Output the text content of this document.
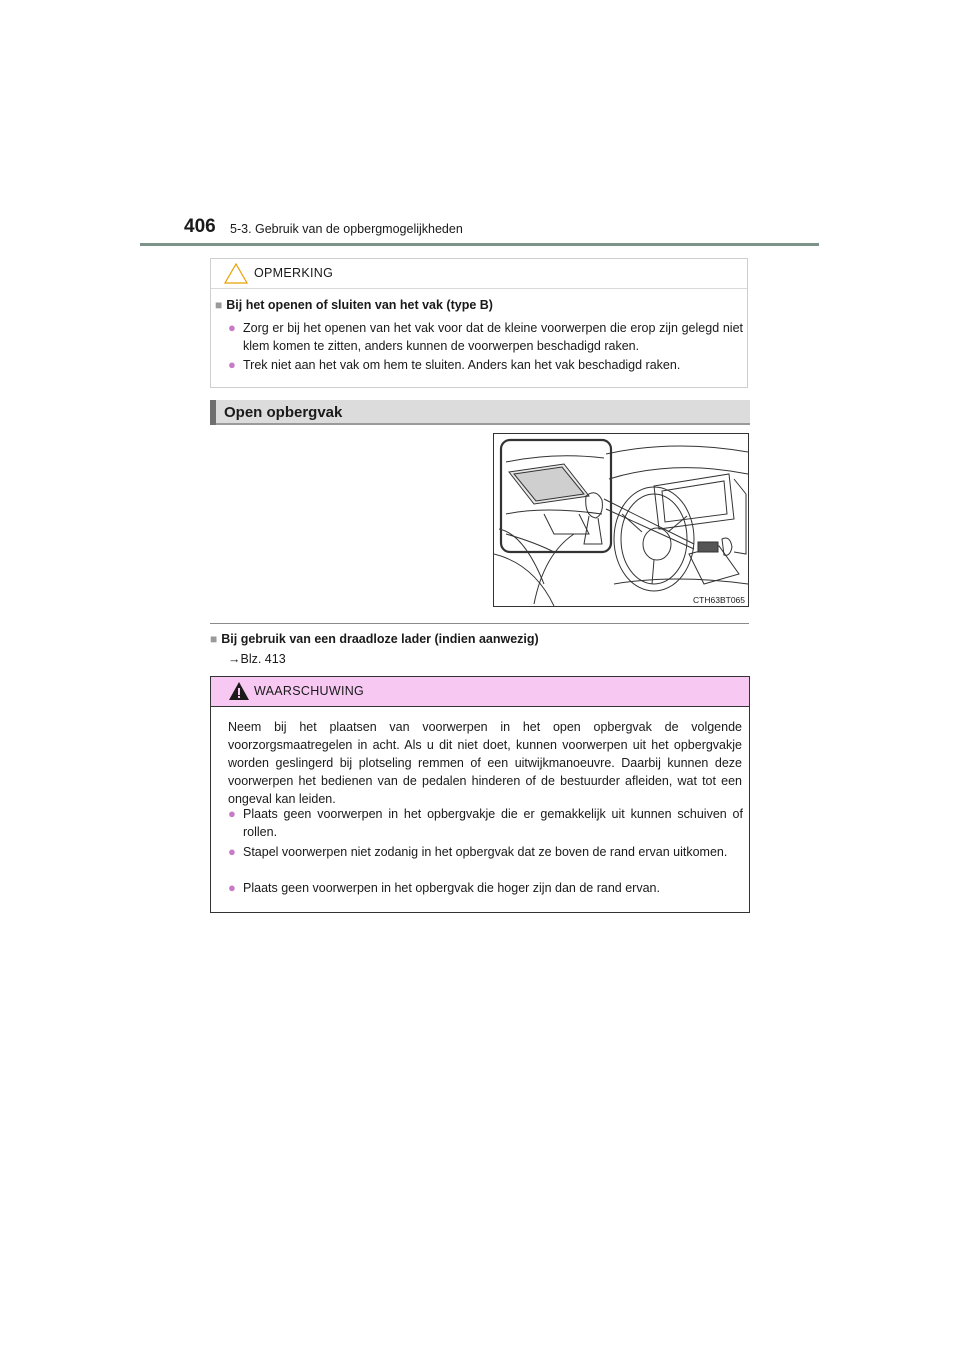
406 5-3. Gebruik van de opbergmogelijkheden
OPMERKING
■ Bij het openen of sluiten van het vak (type B)
● Zorg er bij het openen van het vak voor dat de kleine voorwerpen die erop zijn gelegd niet klem komen te zitten, anders kunnen de voorwerpen beschadigd raken.
● Trek niet aan het vak om hem te sluiten. Anders kan het vak beschadigd raken.
Open opbergvak
CTH63BT065
■ Bij gebruik van een draadloze lader (indien aanwezig)
→Blz. 413
WAARSCHUWING
Neem bij het plaatsen van voorwerpen in het open opbergvak de volgende voorzorgsmaatregelen in acht. Als u dit niet doet, kunnen voorwerpen uit het opbergvakje worden geslingerd bij plotseling remmen of een uitwijkmanoeuvre. Daarbij kunnen deze voorwerpen het bedienen van de pedalen hinderen of de bestuurder afleiden, wat tot een ongeval kan leiden.
● Plaats geen voorwerpen in het opbergvakje die er gemakkelijk uit kunnen schuiven of rollen.
● Stapel voorwerpen niet zodanig in het opbergvak dat ze boven de rand ervan uitkomen.
● Plaats geen voorwerpen in het opbergvak die hoger zijn dan de rand ervan.
